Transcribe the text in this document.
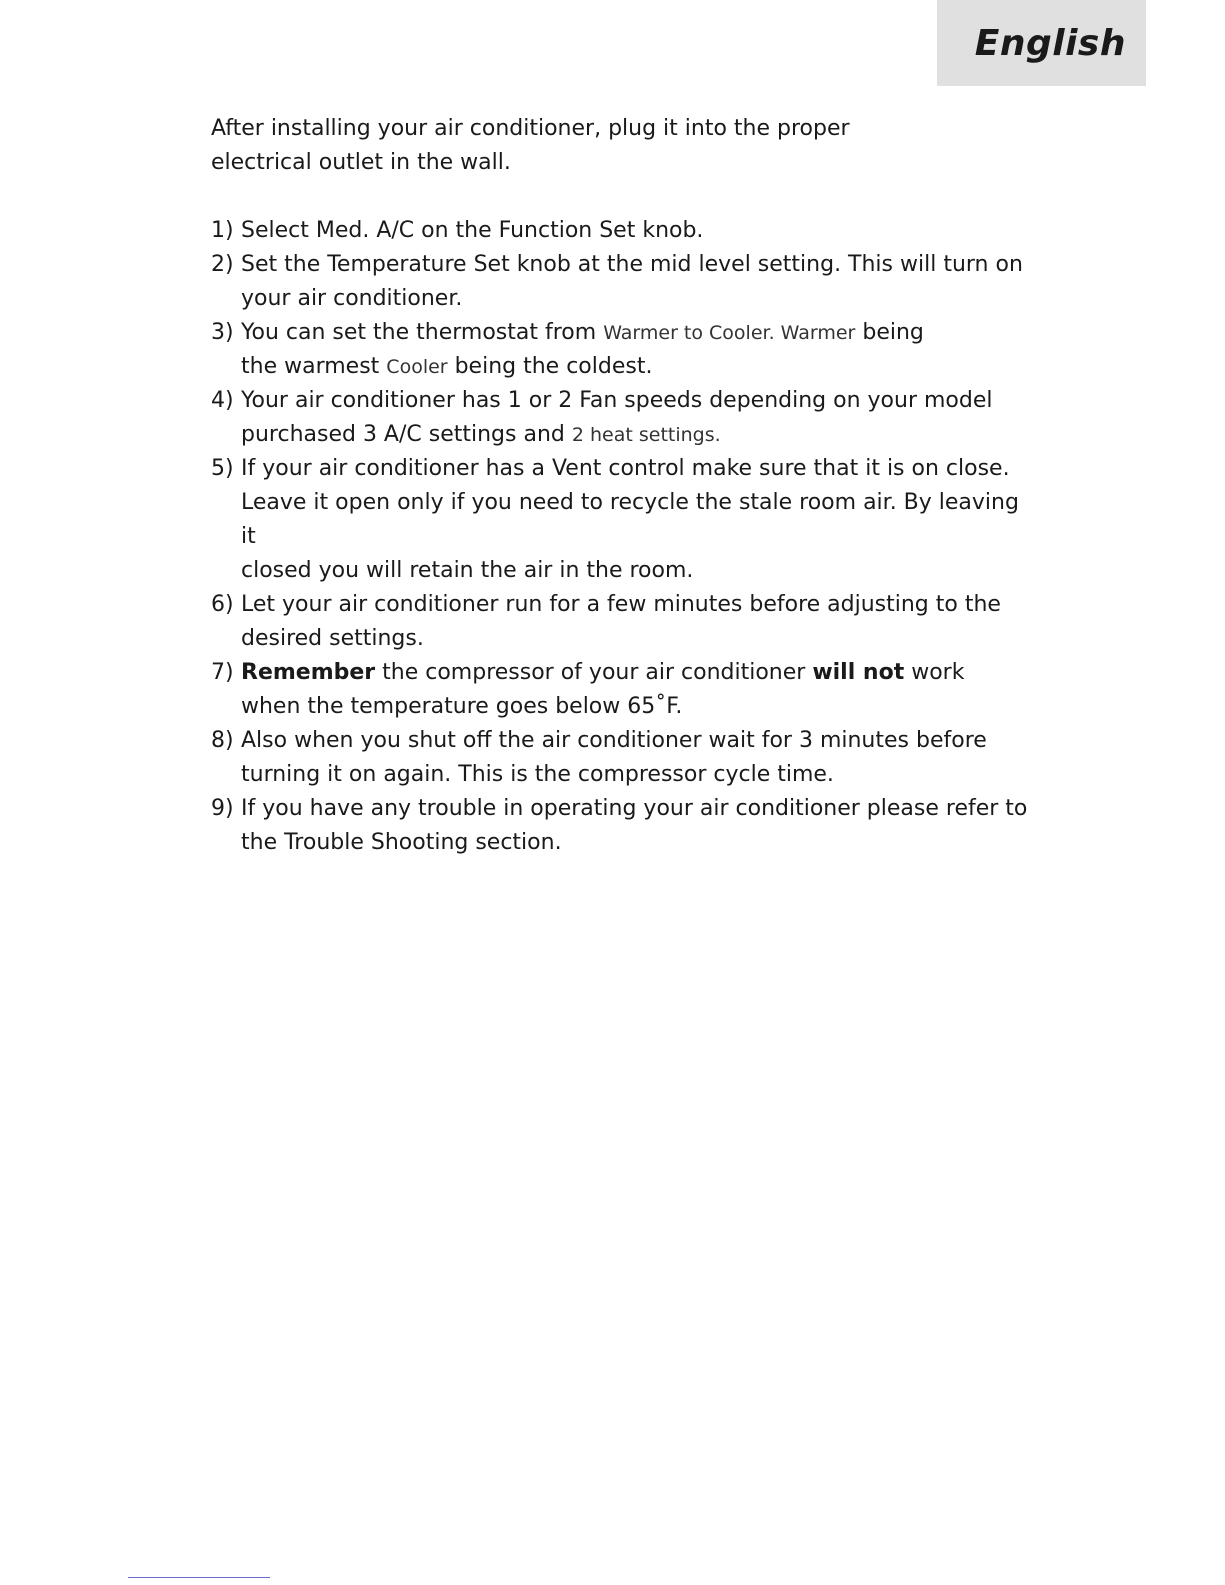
English

After installing your air conditioner, plug it into the proper
electrical outlet in the wall.

1) Select Med. A/C on the Function Set knob.
2) Set the Temperature Set knob at the mid level setting. This will turn on
your air conditioner.
3) You can set the thermostat from Warmer to Cooler. Warmer being
the warmest Cooler being the coldest.
4) Your air conditioner has 1 or 2 Fan speeds depending on your model
purchased 3 A/C settings and 2 heat settings.
5) If your air conditioner has a Vent control make sure that it is on close.
Leave it open only if you need to recycle the stale room air. By leaving it
closed you will retain the air in the room.
6) Let your air conditioner run for a few minutes before adjusting to the
desired settings.
7) Remember the compressor of your air conditioner will not work
when the temperature goes below 65˚F.
8) Also when you shut off the air conditioner wait for 3 minutes before
turning it on again. This is the compressor cycle time.
9) If you have any trouble in operating your air conditioner please refer to
the Trouble Shooting section.
